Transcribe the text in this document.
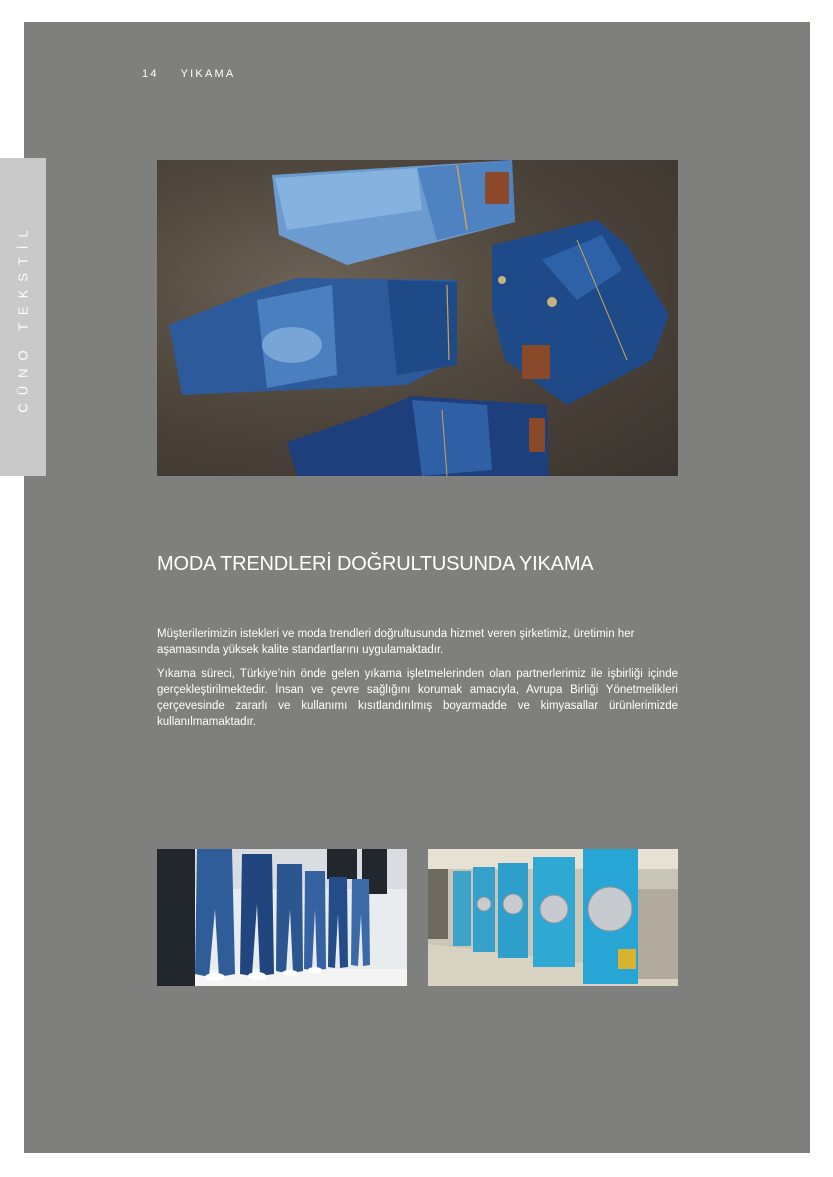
14 YIKAMA
CÜNO TEKSTİL
MODA TRENDLERİ DOĞRULTUSUNDA YIKAMA

Müşterilerimizin istekleri ve moda trendleri doğrultusunda hizmet veren şirketimiz, üretimin her aşamasında yüksek kalite standartlarını uygulamaktadır.

Yıkama süreci, Türkiye’nin önde gelen yıkama işletmelerinden olan partnerlerimiz ile işbirliği içinde gerçekleştirilmektedir. İnsan ve çevre sağlığını korumak amacıyla, Avrupa Birliği Yönetmelikleri çerçevesinde zararlı ve kullanımı kısıtlandırılmış boyarmadde ve kimyasallar ürünlerimizde kullanılmamaktadır.
